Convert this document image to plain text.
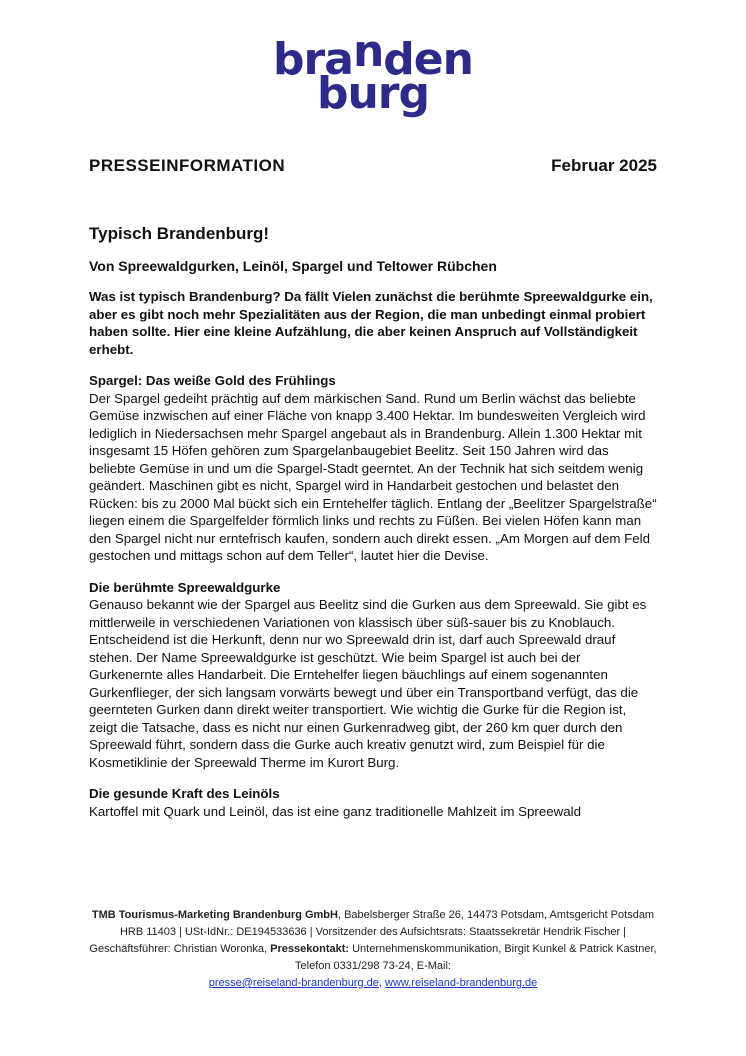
branden
burg
PRESSEINFORMATION	Februar 2025
Typisch Brandenburg!
Von Spreewaldgurken, Leinöl, Spargel und Teltower Rübchen

Was ist typisch Brandenburg? Da fällt Vielen zunächst die berühmte Spreewaldgurke ein, aber es gibt noch mehr Spezialitäten aus der Region, die man unbedingt einmal probiert haben sollte. Hier eine kleine Aufzählung, die aber keinen Anspruch auf Vollständigkeit erhebt.

Spargel: Das weiße Gold des Frühlings

Der Spargel gedeiht prächtig auf dem märkischen Sand. Rund um Berlin wächst das beliebte Gemüse inzwischen auf einer Fläche von knapp 3.400 Hektar. Im bundesweiten Vergleich wird lediglich in Niedersachsen mehr Spargel angebaut als in Brandenburg. Allein 1.300 Hektar mit insgesamt 15 Höfen gehören zum Spargelanbaugebiet Beelitz. Seit 150 Jahren wird das beliebte Gemüse in und um die Spargel-Stadt geerntet. An der Technik hat sich seitdem wenig geändert. Maschinen gibt es nicht, Spargel wird in Handarbeit gestochen und belastet den Rücken: bis zu 2000 Mal bückt sich ein Erntehelfer täglich. Entlang der „Beelitzer Spargelstraße“ liegen einem die Spargelfelder förmlich links und rechts zu Füßen. Bei vielen Höfen kann man den Spargel nicht nur erntefrisch kaufen, sondern auch direkt essen. „Am Morgen auf dem Feld gestochen und mittags schon auf dem Teller“, lautet hier die Devise.

Die berühmte Spreewaldgurke

Genauso bekannt wie der Spargel aus Beelitz sind die Gurken aus dem Spreewald. Sie gibt es mittlerweile in verschiedenen Variationen von klassisch über süß-sauer bis zu Knoblauch. Entscheidend ist die Herkunft, denn nur wo Spreewald drin ist, darf auch Spreewald drauf stehen. Der Name Spreewaldgurke ist geschützt. Wie beim Spargel ist auch bei der Gurkenernte alles Handarbeit. Die Erntehelfer liegen bäuchlings auf einem sogenannten Gurkenflieger, der sich langsam vorwärts bewegt und über ein Transportband verfügt, das die geernteten Gurken dann direkt weiter transportiert. Wie wichtig die Gurke für die Region ist, zeigt die Tatsache, dass es nicht nur einen Gurkenradweg gibt, der 260 km quer durch den Spreewald führt, sondern dass die Gurke auch kreativ genutzt wird, zum Beispiel für die Kosmetiklinie der Spreewald Therme im Kurort Burg.

Die gesunde Kraft des Leinöls

Kartoffel mit Quark und Leinöl, das ist eine ganz traditionelle Mahlzeit im Spreewald

TMB Tourismus-Marketing Brandenburg GmbH, Babelsberger Straße 26, 14473 Potsdam, Amtsgericht Potsdam HRB 11403 | USt-IdNr.: DE194533636 | Vorsitzender des Aufsichtsrats: Staatssekretär Hendrik Fischer | Geschäftsführer: Christian Woronka, Pressekontakt: Unternehmenskommunikation, Birgit Kunkel & Patrick Kastner, Telefon 0331/298 73-24, E-Mail:
presse@reiseland-brandenburg.de, www.reiseland-brandenburg.de
